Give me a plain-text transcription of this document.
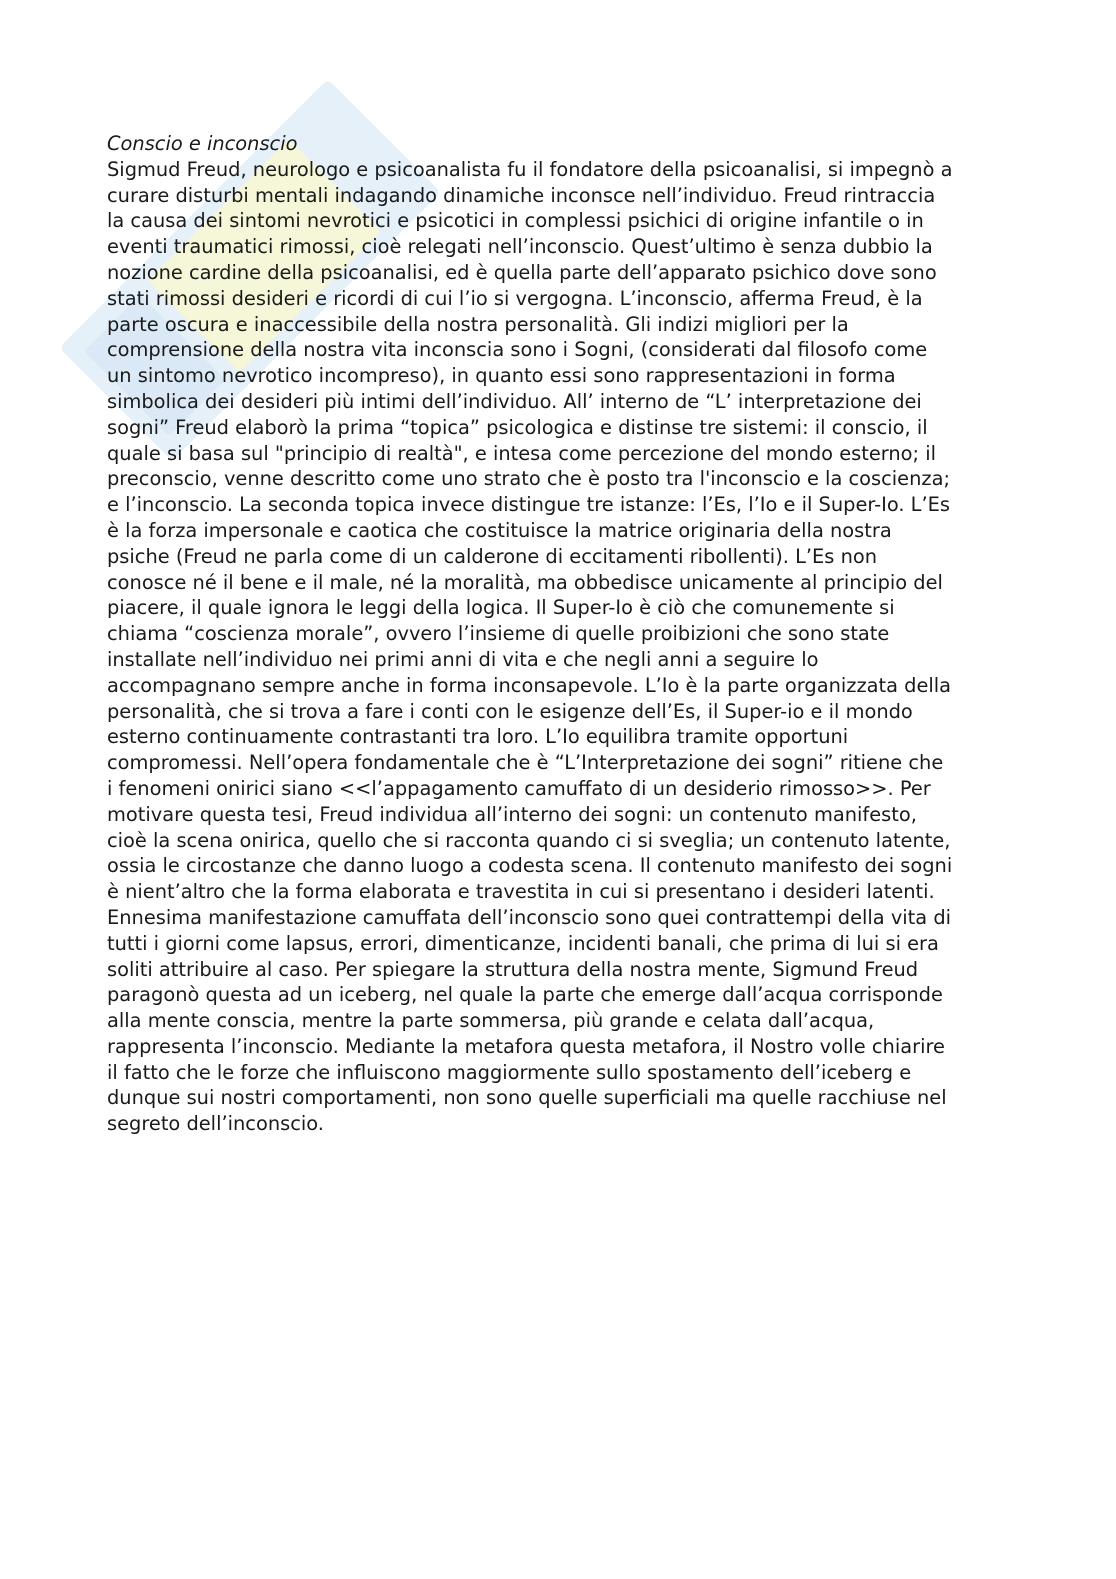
Conscio e inconscio
Sigmud Freud, neurologo e psicoanalista fu il fondatore della psicoanalisi, si impegnò a
curare disturbi mentali indagando dinamiche inconsce nell’individuo. Freud rintraccia
la causa dei sintomi nevrotici e psicotici in complessi psichici di origine infantile o in
eventi traumatici rimossi, cioè relegati nell’inconscio. Quest’ultimo è senza dubbio la
nozione cardine della psicoanalisi, ed è quella parte dell’apparato psichico dove sono
stati rimossi desideri e ricordi di cui l’io si vergogna. L’inconscio, afferma Freud, è la
parte oscura e inaccessibile della nostra personalità. Gli indizi migliori per la
comprensione della nostra vita inconscia sono i Sogni, (considerati dal filosofo come
un sintomo nevrotico incompreso), in quanto essi sono rappresentazioni in forma
simbolica dei desideri più intimi dell’individuo. All’ interno de “L’ interpretazione dei
sogni” Freud elaborò la prima “topica” psicologica e distinse tre sistemi: il conscio, il
quale si basa sul "principio di realtà", e intesa come percezione del mondo esterno; il
preconscio, venne descritto come uno strato che è posto tra l'inconscio e la coscienza;
e l’inconscio. La seconda topica invece distingue tre istanze: l’Es, l’Io e il Super-Io. L’Es
è la forza impersonale e caotica che costituisce la matrice originaria della nostra
psiche (Freud ne parla come di un calderone di eccitamenti ribollenti). L’Es non
conosce né il bene e il male, né la moralità, ma obbedisce unicamente al principio del
piacere, il quale ignora le leggi della logica. Il Super-Io è ciò che comunemente si
chiama “coscienza morale”, ovvero l’insieme di quelle proibizioni che sono state
installate nell’individuo nei primi anni di vita e che negli anni a seguire lo
accompagnano sempre anche in forma inconsapevole. L’Io è la parte organizzata della
personalità, che si trova a fare i conti con le esigenze dell’Es, il Super-io e il mondo
esterno continuamente contrastanti tra loro. L’Io equilibra tramite opportuni
compromessi. Nell’opera fondamentale che è “L’Interpretazione dei sogni” ritiene che
i fenomeni onirici siano <<l’appagamento camuffato di un desiderio rimosso>>. Per
motivare questa tesi, Freud individua all’interno dei sogni: un contenuto manifesto,
cioè la scena onirica, quello che si racconta quando ci si sveglia; un contenuto latente,
ossia le circostanze che danno luogo a codesta scena. Il contenuto manifesto dei sogni
è nient’altro che la forma elaborata e travestita in cui si presentano i desideri latenti.
Ennesima manifestazione camuffata dell’inconscio sono quei contrattempi della vita di
tutti i giorni come lapsus, errori, dimenticanze, incidenti banali, che prima di lui si era
soliti attribuire al caso. Per spiegare la struttura della nostra mente, Sigmund Freud
paragonò questa ad un iceberg, nel quale la parte che emerge dall’acqua corrisponde
alla mente conscia, mentre la parte sommersa, più grande e celata dall’acqua,
rappresenta l’inconscio. Mediante la metafora questa metafora, il Nostro volle chiarire
il fatto che le forze che influiscono maggiormente sullo spostamento dell’iceberg e
dunque sui nostri comportamenti, non sono quelle superficiali ma quelle racchiuse nel
segreto dell’inconscio.
